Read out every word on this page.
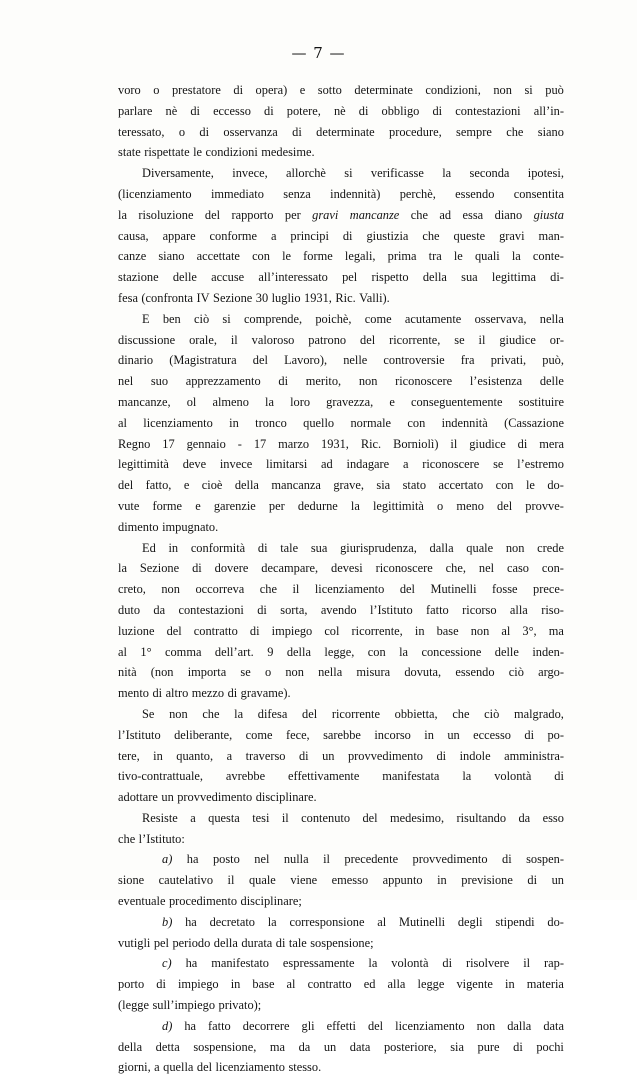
— 7 —
voro o prestatore di opera) e sotto determinate condizioni, non si può
parlare nè di eccesso di potere, nè di obbligo di contestazioni all’in-
teressato, o di osservanza di determinate procedure, sempre che siano
state rispettate le condizioni medesime.
Diversamente, invece, allorchè si verificasse la seconda ipotesi,
(licenziamento immediato senza indennità) perchè, essendo consentita
la risoluzione del rapporto per gravi mancanze che ad essa diano giusta
causa, appare conforme a principi di giustizia che queste gravi man-
canze siano accettate con le forme legali, prima tra le quali la conte-
stazione delle accuse all’interessato pel rispetto della sua legittima di-
fesa (confronta IV Sezione 30 luglio 1931, Ric. Valli).
E ben ciò si comprende, poichè, come acutamente osservava, nella
discussione orale, il valoroso patrono del ricorrente, se il giudice or-
dinario (Magistratura del Lavoro), nelle controversie fra privati, può,
nel suo apprezzamento di merito, non riconoscere l’esistenza delle
mancanze, ol almeno la loro gravezza, e conseguentemente sostituire
al licenziamento in tronco quello normale con indennità (Cassazione
Regno 17 gennaio - 17 marzo 1931, Ric. Borniolì) il giudice di mera
legittimità deve invece limitarsi ad indagare a riconoscere se l’estremo
del fatto, e cioè della mancanza grave, sia stato accertato con le do-
vute forme e garenzie per dedurne la legittimità o meno del provve-
dimento impugnato.
Ed in conformità di tale sua giurisprudenza, dalla quale non crede
la Sezione di dovere decampare, devesi riconoscere che, nel caso con-
creto, non occorreva che il licenziamento del Mutinelli fosse prece-
duto da contestazioni di sorta, avendo l’Istituto fatto ricorso alla riso-
luzione del contratto di impiego col ricorrente, in base non al 3°, ma
al 1° comma dell’art. 9 della legge, con la concessione delle inden-
nità (non importa se o non nella misura dovuta, essendo ciò argo-
mento di altro mezzo di gravame).
Se non che la difesa del ricorrente obbietta, che ciò malgrado,
l’Istituto deliberante, come fece, sarebbe incorso in un eccesso di po-
tere, in quanto, a traverso di un provvedimento di indole amministra-
tivo-contrattuale, avrebbe effettivamente manifestata la volontà di
adottare un provvedimento disciplinare.
Resiste a questa tesi il contenuto del medesimo, risultando da esso
che l’Istituto:
a) ha posto nel nulla il precedente provvedimento di sospen-
sione cautelativo il quale viene emesso appunto in previsione di un
eventuale procedimento disciplinare;
b) ha decretato la corresponsione al Mutinelli degli stipendi do-
vutigli pel periodo della durata di tale sospensione;
c) ha manifestato espressamente la volontà di risolvere il rap-
porto di impiego in base al contratto ed alla legge vigente in materia
(legge sull’impiego privato);
d) ha fatto decorrere gli effetti del licenziamento non dalla data
della detta sospensione, ma da un data posteriore, sia pure di pochi
giorni, a quella del licenziamento stesso.
